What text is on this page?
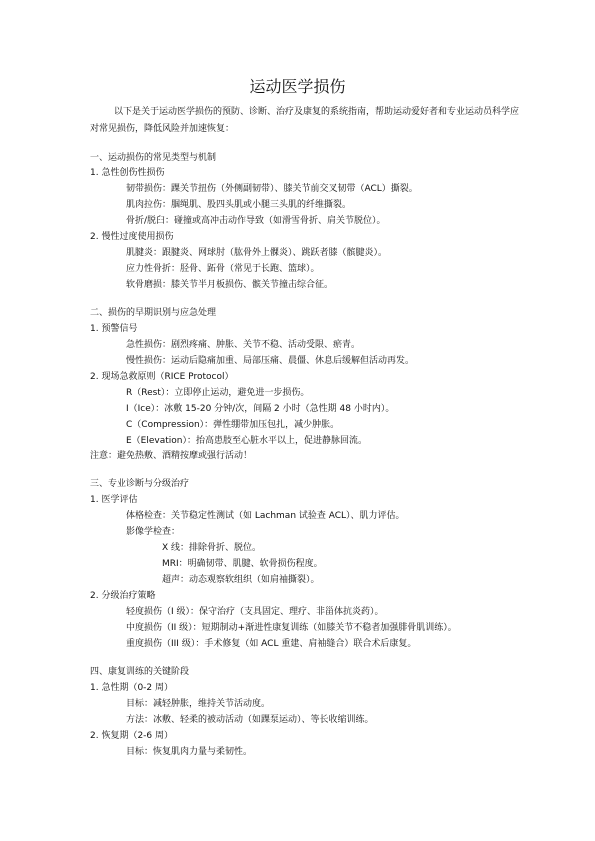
运动医学损伤

以下是关于运动医学损伤的预防、诊断、治疗及康复的系统指南，帮助运动爱好者和专业运动员科学应对常见损伤，降低风险并加速恢复：

一、运动损伤的常见类型与机制
1. 急性创伤性损伤
韧带损伤：踝关节扭伤（外侧副韧带）、膝关节前交叉韧带（ACL）撕裂。
肌肉拉伤：腘绳肌、股四头肌或小腿三头肌的纤维撕裂。
骨折/脱臼：碰撞或高冲击动作导致（如滑雪骨折、肩关节脱位）。
2. 慢性过度使用损伤
肌腱炎：跟腱炎、网球肘（肱骨外上髁炎）、跳跃者膝（髌腱炎）。
应力性骨折：胫骨、跖骨（常见于长跑、篮球）。
软骨磨损：膝关节半月板损伤、髌关节撞击综合征。
二、损伤的早期识别与应急处理
1. 预警信号
急性损伤：剧烈疼痛、肿胀、关节不稳、活动受限、瘀青。
慢性损伤：运动后隐痛加重、局部压痛、晨僵、休息后缓解但活动再发。
2. 现场急救原则（RICE Protocol）
R（Rest）：立即停止运动，避免进一步损伤。
I（Ice）：冰敷 15-20 分钟/次，间隔 2 小时（急性期 48 小时内）。
C（Compression）：弹性绷带加压包扎，减少肿胀。
E（Elevation）：抬高患肢至心脏水平以上，促进静脉回流。
注意：避免热敷、酒精按摩或强行活动！
三、专业诊断与分级治疗
1. 医学评估
体格检查：关节稳定性测试（如 Lachman 试验查 ACL）、肌力评估。
影像学检查：
X 线：排除骨折、脱位。
MRI：明确韧带、肌腱、软骨损伤程度。
超声：动态观察软组织（如肩袖撕裂）。
2. 分级治疗策略
轻度损伤（I 级）：保守治疗（支具固定、理疗、非甾体抗炎药）。
中度损伤（II 级）：短期制动+渐进性康复训练（如膝关节不稳者加强腓骨肌训练）。
重度损伤（III 级）：手术修复（如 ACL 重建、肩袖缝合）联合术后康复。
四、康复训练的关键阶段
1. 急性期（0-2 周）
目标：减轻肿胀，维持关节活动度。
方法：冰敷、轻柔的被动活动（如踝泵运动）、等长收缩训练。
2. 恢复期（2-6 周）
目标：恢复肌肉力量与柔韧性。
